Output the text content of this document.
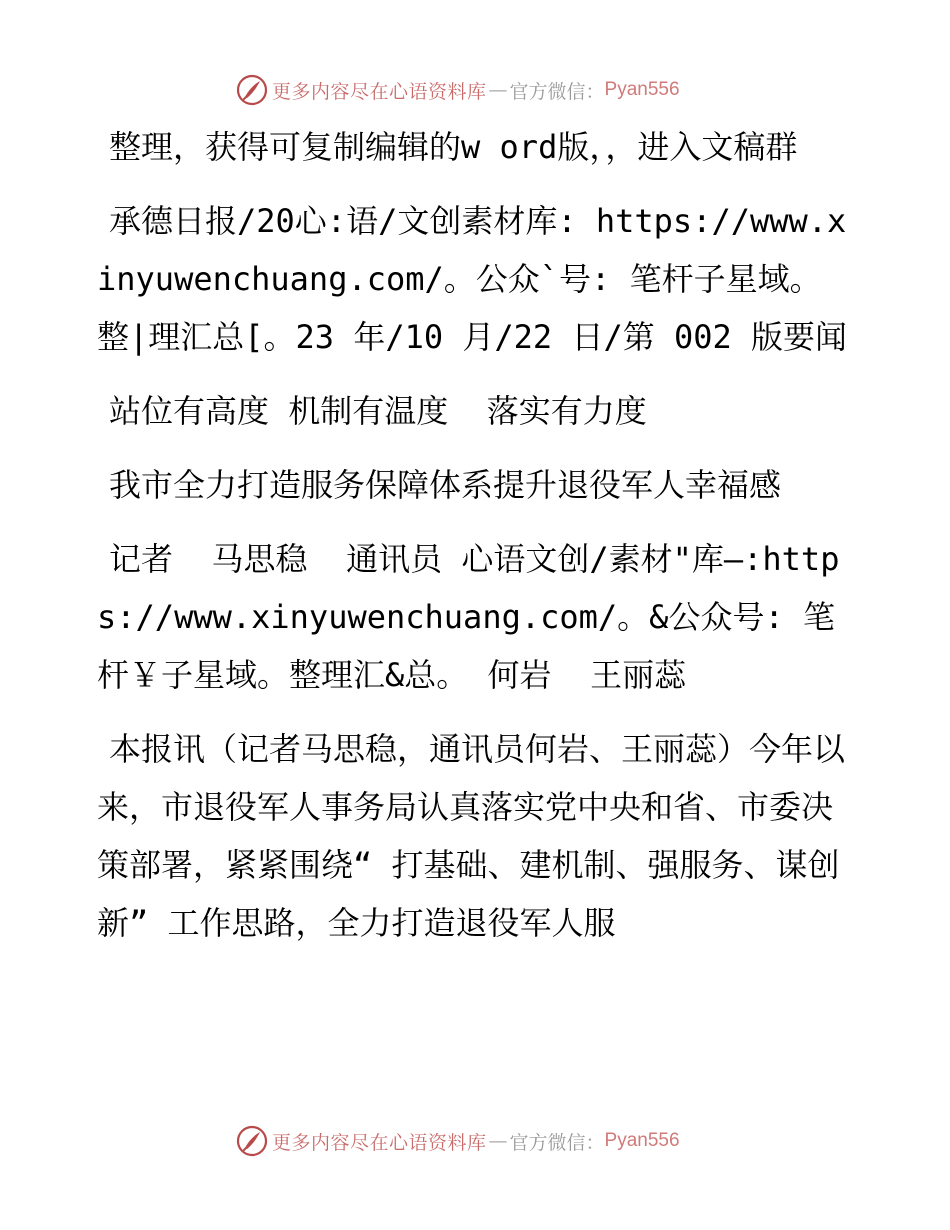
更多内容尽在心语资料库 — 官方微信： Pyan556

整理，获得可复制编辑的w ord版，，进入文稿群

承德日报/20心:语/文创素材库: https://www.xinyuwenchuang.com/。公众`号: 笔杆子星域。整|理汇总[。23 年/10 月/22 日/第 002 版要闻

站位有高度 机制有温度  落实有力度

我市全力打造服务保障体系提升退役军人幸福感

记者  马思稳  通讯员 心语文创/素材"库—:https://www.xinyuwenchuang.com/。&公众号: 笔杆￥子星域。整理汇&总。 何岩  王丽蕊

本报讯（记者马思稳，通讯员何岩、王丽蕊）今年以来，市退役军人事务局认真落实党中央和省、市委决策部署，紧紧围绕“ 打基础、建机制、强服务、谋创新” 工作思路，全力打造退役军人服

更多内容尽在心语资料库 — 官方微信： Pyan556
